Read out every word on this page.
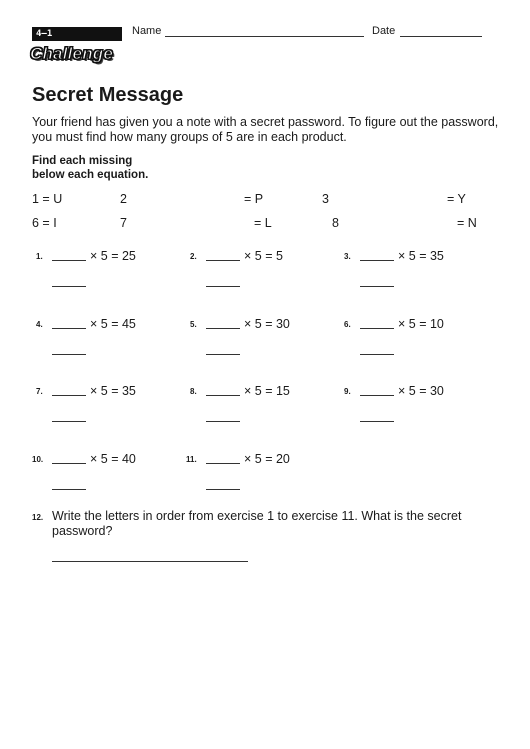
4–1	Name	Date
Challenge
Secret Message
Your friend has given you a note with a secret password. To figure out the password, you must find how many groups of 5 are in each product.
Find each missing
below each equation.
1 = U	2	= P	3	= Y
6 = I	7	= L	8	= N
1.	× 5 = 25	2.	× 5 = 5	3.	× 5 = 35
4.	× 5 = 45	5.	× 5 = 30	6.	× 5 = 10
7.	× 5 = 35	8.	× 5 = 15	9.	× 5 = 30
10.	× 5 = 40	11.	× 5 = 20
12. Write the letters in order from exercise 1 to exercise 11. What is the secret password?
